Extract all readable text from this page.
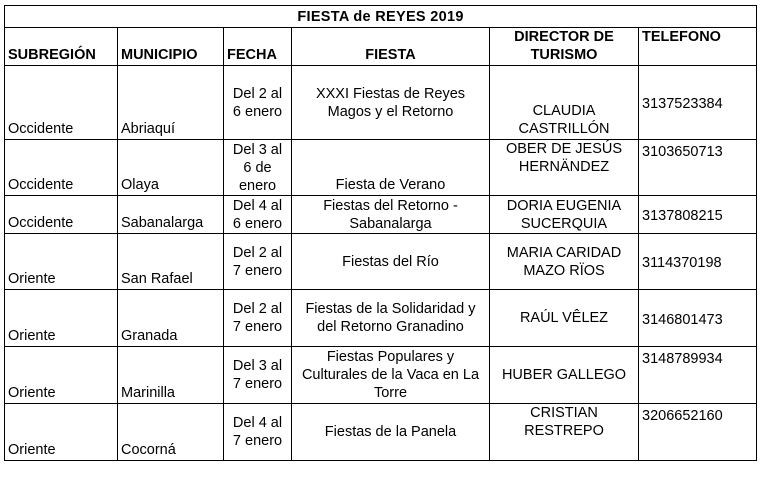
FIESTA de REYES 2019					
SUBREGIÓN	MUNICIPIO	FECHA	FIESTA	DIRECTOR DE TURISMO	TELEFONO
Occidente	Abriaquí	Del 2 al 6 enero	XXXI Fiestas de Reyes Magos y el Retorno	CLAUDIA CASTRILLÓN	3137523384
Occidente	Olaya	Del 3 al 6 de enero	Fiesta de Verano	OBER DE JESÚS HERNÄNDEZ	3103650713
Occidente	Sabanalarga	Del 4 al 6 enero	Fiestas del Retorno - Sabanalarga	DORIA EUGENIA SUCERQUIA	3137808215
Oriente	San Rafael	Del 2 al 7 enero	Fiestas del Río	MARIA CARIDAD MAZO RÏOS	3114370198
Oriente	Granada	Del 2 al 7 enero	Fiestas de la Solidaridad y del Retorno Granadino	RAÚL VÊLEZ	3146801473
Oriente	Marinilla	Del 3 al 7 enero	Fiestas Populares y Culturales de la Vaca en La Torre	HUBER GALLEGO	3148789934
Oriente	Cocorná	Del 4 al 7 enero	Fiestas de la Panela	CRISTIAN RESTREPO	3206652160
